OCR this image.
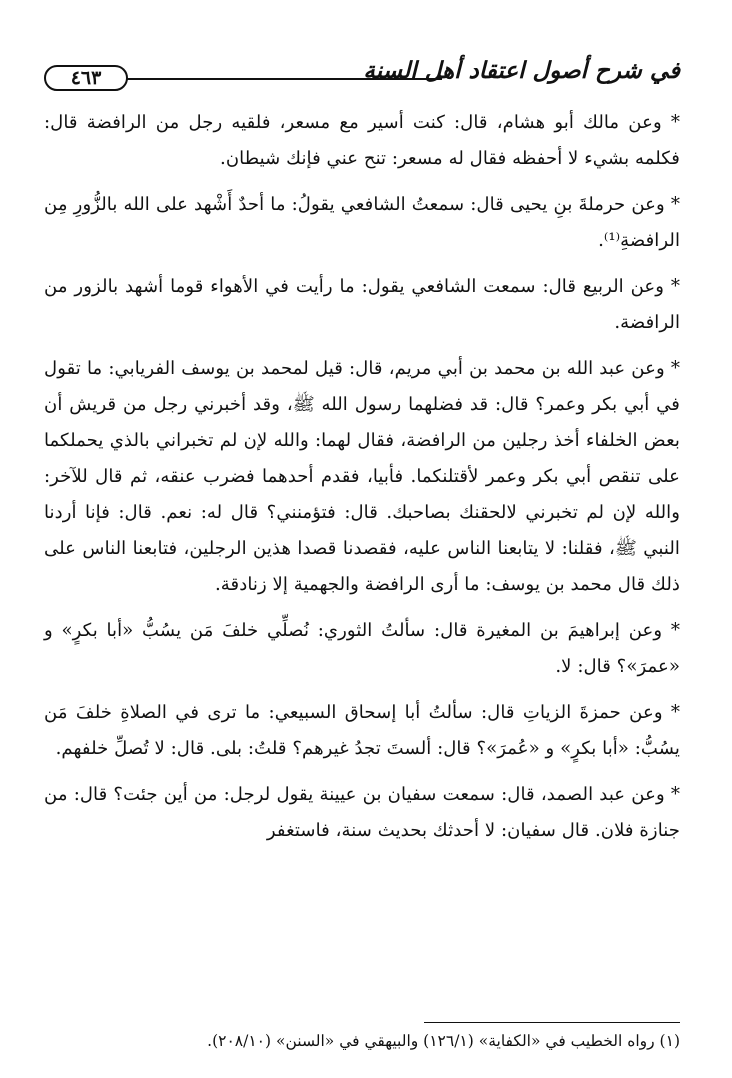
٤٦٣	في شرح أصول اعتقاد أهل السنة

* وعن مالك أبو هشام، قال: كنت أسير مع مسعر، فلقيه رجل من الرافضة قال: فكلمه بشيء لا أحفظه فقال له مسعر: تنح عني فإنك شيطان.

* وعن حرملةَ بنِ يحيى قال: سمعتُ الشافعي يقولُ: ما أحدٌ أَشْهد على الله بالزُّورِ مِن الرافضةِ⁽¹⁾.

* وعن الربيع قال: سمعت الشافعي يقول: ما رأيت في الأهواء قوما أشهد بالزور من الرافضة.

* وعن عبد الله بن محمد بن أبي مريم، قال: قيل لمحمد بن يوسف الفريابي: ما تقول في أبي بكر وعمر؟ قال: قد فضلهما رسول الله ﷺ، وقد أخبرني رجل من قريش أن بعض الخلفاء أخذ رجلين من الرافضة، فقال لهما: والله لإن لم تخبراني بالذي يحملكما على تنقص أبي بكر وعمر لأقتلنكما. فأبيا، فقدم أحدهما فضرب عنقه، ثم قال للآخر: والله لإن لم تخبرني لالحقنك بصاحبك. قال: فتؤمنني؟ قال له: نعم. قال: فإنا أردنا النبي ﷺ، فقلنا: لا يتابعنا الناس عليه، فقصدنا قصدا هذين الرجلين، فتابعنا الناس على ذلك قال محمد بن يوسف: ما أرى الرافضة والجهمية إلا زنادقة.

* وعن إبراهيمَ بن المغيرة قال: سألتُ الثوري: نُصلِّي خلفَ مَن يسُبُّ «أبا بكرٍ» و «عمرَ»؟ قال: لا.

* وعن حمزةَ الزياتِ قال: سألتُ أبا إسحاق السبيعي: ما ترى في الصلاةِ خلفَ مَن يسُبُّ: «أبا بكرٍ» و «عُمرَ»؟ قال: ألستَ تجدُ غيرهم؟ قلتُ: بلى. قال: لا تُصلِّ خلفهم.

* وعن عبد الصمد، قال: سمعت سفيان بن عيينة يقول لرجل: من أين جئت؟ قال: من جنازة فلان. قال سفيان: لا أحدثك بحديث سنة، فاستغفر

(١) رواه الخطيب في «الكفاية» (١٢٦/١) والبيهقي في «السنن» (٢٠٨/١٠).
